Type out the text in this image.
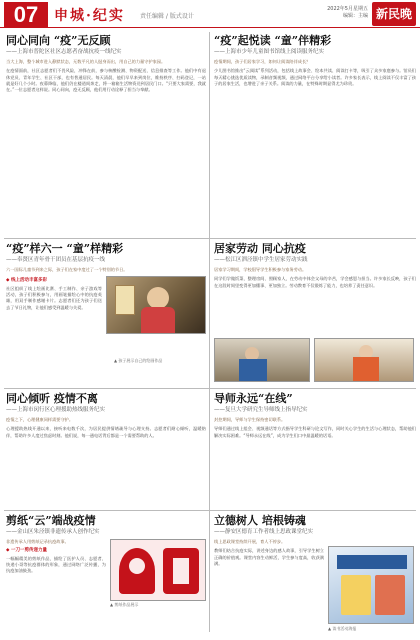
07	申城·纪实	责任编辑 / 版式设计
2022年5月星期五
编辑：主编 新民晚报
同心同向 “疫”无反顾
——上海市普陀区社区志愿者奋战抗疫一线纪实
当大上海，整个城市进入静默状态，无数平凡的人挺身而出，用自己的力量守护家园。
在疫情面前，社区志愿者们不畏风险，冲锋在前，参与核酸检测、物资配送、信息排查等工作。他们中有退休党员、青年学生、社区干部，也有普通居民。每天清晨，他们早早来到岗位，维持秩序、扫码登记，一站就是好几个小时。夜幕降临，他们仍在楼道间奔走，将一箱箱生活物资送到居民门口。“只要大家需要，我就在。”一位志愿者这样说。同心同向，疫无反顾，他们用行动诠释了担当与奉献。
“疫”起悦读 “童”伴精彩
——上海市少年儿童图书馆线上阅读服务纪实
疫情期间，孩子们居家学习，如何让阅读陪伴成长？
少儿图书馆推出“云阅读”系列活动，包括线上故事会、绘本共读、阅读打卡等，吸引了众多家庭参与。馆员们每天精心挑选优质读物，录制音频视频，通过网络平台分享给小读者。许多家长表示，线上阅读不仅丰富了孩子的居家生活，也增进了亲子关系。阅读的力量，在特殊时期显得尤为珍贵。
“疫”样六一 “童”样精彩
——奉贤区青年骨干团员在基层抗疫一线
六一国际儿童节到来之际，孩子们在家中度过了一个特别的节日。
◆ 线上活动丰富多彩
社区组织了线上绘画比赛、手工制作、亲子游戏等活动，孩子们积极参与，用画笔描绘心中的抗疫英雄，用双手制作感谢卡片。志愿者们还为孩子们送去了节日礼物，让他们感受到温暖与关爱。
▲ 孩子展示自己的绘画作品
居家劳动 同心抗疫
——松江区泗泾镇中学生居家劳动实践
居家学习期间，学校倡导学生积极参与家务劳动。
同学们学做饭菜、整理房间、照顾家人，在劳动中体会父母的辛苦，学会感恩与担当。许多家长反映，孩子们在这段时间里变得更加懂事、更加独立。劳动教育不仅锻炼了能力，也培养了责任意识。
同心倾听 疫情不离
——上海市闵行区心理援助热线服务纪实
疫情之下，心理健康同样需要守护。
心理援助热线开通以来，接听来电数千次，为居民提供情绪疏导与心理支持。志愿者们耐心倾听，温暖陪伴，帮助许多人度过焦虑时刻。他们说，每一通电话背后都是一个需要帮助的人。
导师永远“在线”
——复旦大学研究生导师线上指导纪实
封控期间，导师与学生保持密切联系。
导师们通过线上组会、视频通话等方式指导学生科研与论文写作，同时关心学生的生活与心理状态，帮助他们解决实际困难。“导师永远在线”，成为学生们口中最温暖的话语。
剪纸“云”端战疫情
——金山区朱泾镇非遗传承人创作纪实
非遗传承人用剪纸记录抗疫故事。
◆ 一刀一剪传递力量
一幅幅精美的剪纸作品，描绘了医护人员、志愿者、快递小哥等抗疫群体的形象，通过网络广泛传播，为抗疫加油鼓劲。
▲ 剪纸作品展示
立德树人 培根铸魂
——静安区德育工作者线上思政课堂纪实
线上思政课堂持续开展，育人不停步。
教师们结合抗疫实际，讲述身边的感人故事，引导学生树立正确的价值观。课堂内容生动鲜活，学生参与度高，收获满满。
▲ 读书活动海报
